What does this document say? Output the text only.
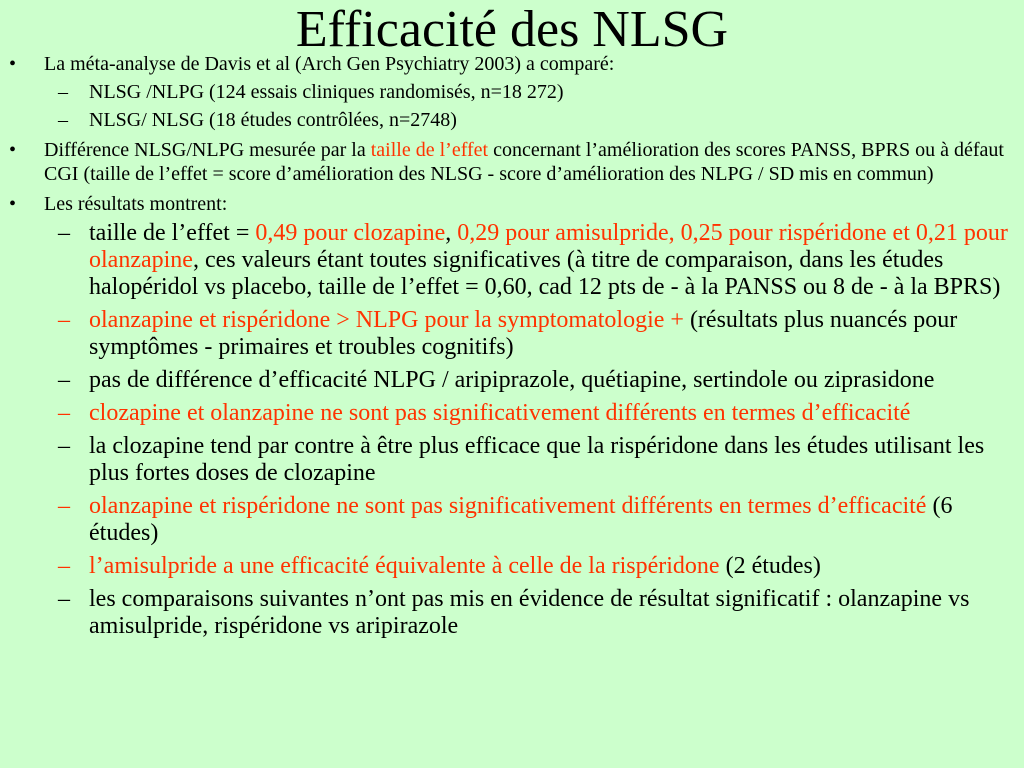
Efficacité des NLSG

• La méta-analyse de Davis et al (Arch Gen Psychiatry 2003) a comparé:

– NLSG /NLPG (124 essais cliniques randomisés, n=18 272)

– NLSG/ NLSG (18 études contrôlées, n=2748)

• Différence NLSG/NLPG mesurée par la taille de l’effet concernant l’amélioration des scores PANSS, BPRS ou à défaut CGI (taille de l’effet = score d’amélioration des NLSG - score d’amélioration des NLPG / SD mis en commun)

• Les résultats montrent:

– taille de l’effet = 0,49 pour clozapine, 0,29 pour amisulpride, 0,25 pour rispéridone et 0,21 pour olanzapine, ces valeurs étant toutes significatives (à titre de comparaison, dans les études halopéridol vs placebo, taille de l’effet = 0,60, cad 12 pts de - à la PANSS ou 8 de - à la BPRS)

– olanzapine et rispéridone > NLPG pour la symptomatologie + (résultats plus nuancés pour symptômes - primaires et troubles cognitifs)

– pas de différence d’efficacité NLPG / aripiprazole, quétiapine, sertindole ou ziprasidone

– clozapine et olanzapine ne sont pas significativement différents en termes d’efficacité

– la clozapine tend par contre à être plus efficace que la rispéridone dans les études utilisant les plus fortes doses de clozapine

– olanzapine et rispéridone ne sont pas significativement différents en termes d’efficacité (6 études)

– l’amisulpride a une efficacité équivalente à celle de la rispéridone (2 études)

– les comparaisons suivantes n’ont pas mis en évidence de résultat significatif : olanzapine vs amisulpride, rispéridone vs aripirazole
